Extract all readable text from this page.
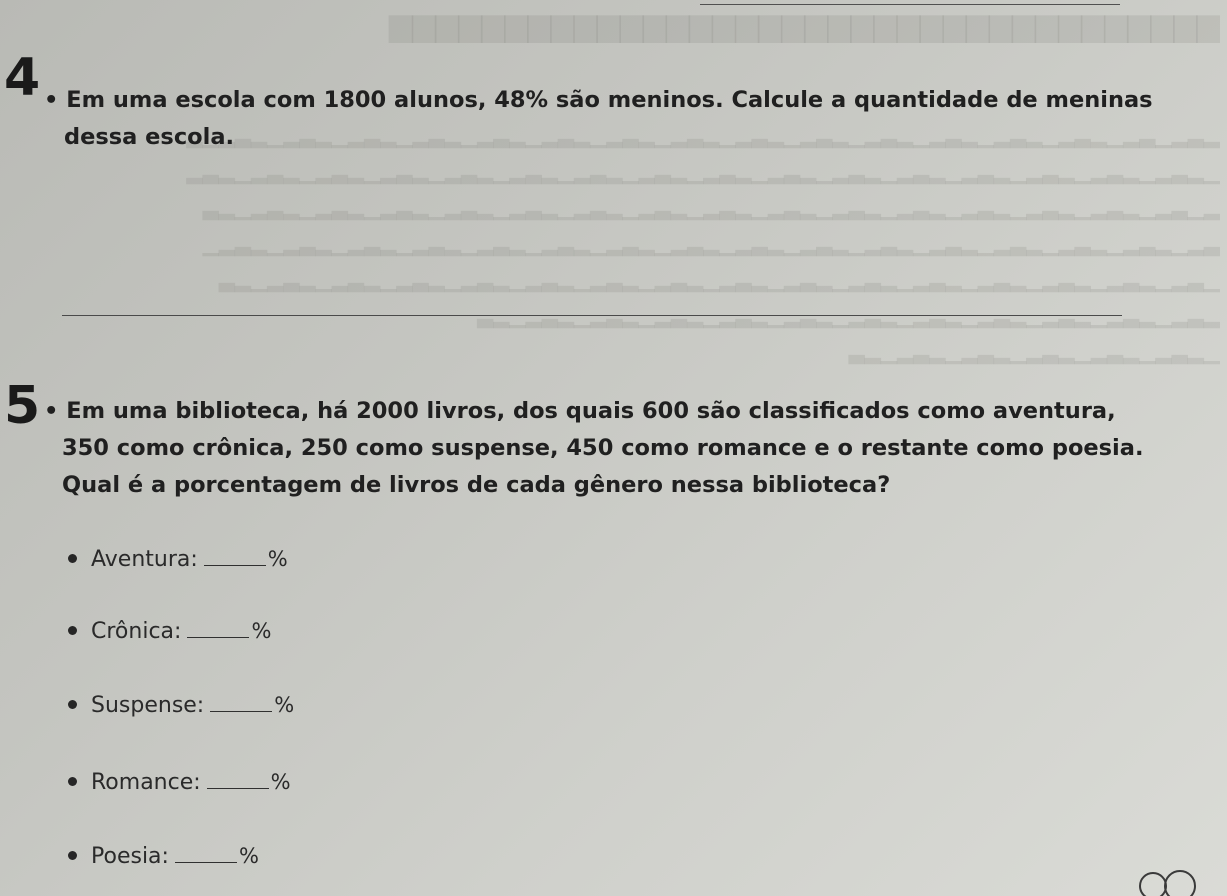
▆▆▆▆▆▆▆▆▆▆▆▆▆▆▆▆▆▆▆▆▆▆▆▆▆▆▆▆▆▆▆▆▆▆▆▆
▂▃▂▁▃▂▁▂▃▂▁▂▃▂▁▂▃▂▁▂▃▂▁▂▃▂▁▂▃▂▁▂▃▂▁▂▃▂▁▂▃▂▁▂▃▂▁▂▃▂▁▂▃▂▁▂▃▂▁▂▃▂▁▂
▁▂▃▂▁▂▃▂▁▂▃▂▁▂▃▂▁▂▃▂▁▂▃▂▁▂▃▂▁▂▃▂▁▂▃▂▁▂▃▂▁▂▃▂▁▂▃▂▁▂▃▂▁▂▃▂▁▂▃▂▁▂▃▂
▂▁▃▂▁▂▃▂▁▂▃▂▁▂▃▂▁▂▃▂▁▂▃▂▁▂▃▂▁▂▃▂▁▂▃▂▁▂▃▂▁▂▃▂▁▂▃▂▁▂▃▂▁▂▃▂▁▂▃▂▁▂▃
▃▂▁▂▃▂▁▂▃▂▁▂▃▂▁▂▃▂▁▂▃▂▁▂▃▂▁▂▃▂▁▂▃▂▁▂▃▂▁▂▃▂▁▂▃▂▁▂▃▂▁▂▃▂▁▂▃▂▁▂▃▂▁
▁▃▂▁▂▃▂▁▂▃▂▁▂▃▂▁▂▃▂▁▂▃▂▁▂▃▂▁▂▃▂▁▂▃▂▁▂▃▂▁▂▃▂▁▂▃▂▁▂▃▂▁▂▃▂▁▂▃▂▁▂▃
▂▃▂▁▂▃▂▁▂▃▂▁▂▃▂▁▂▃▂▁▂▃▂▁▂▃▂▁▂▃▂▁▂▃▂▁▂▃▂▁▂▃▂▁▂▃
▁▂▃▂▁▂▃▂▁▂▃▂▁▂▃▂▁▂▃▂▁▂▃
4 • Em uma escola com 1800 alunos, 48% são meninos. Calcule a quantidade de meninas
dessa escola.
5 • Em uma biblioteca, há 2000 livros, dos quais 600 são classificados como aventura,
350 como crônica, 250 como suspense, 450 como romance e o restante como poesia.
Qual é a porcentagem de livros de cada gênero nessa biblioteca?
Aventura:	%
Crônica:	%
Suspense:	%
Romance:	%
Poesia:	%
